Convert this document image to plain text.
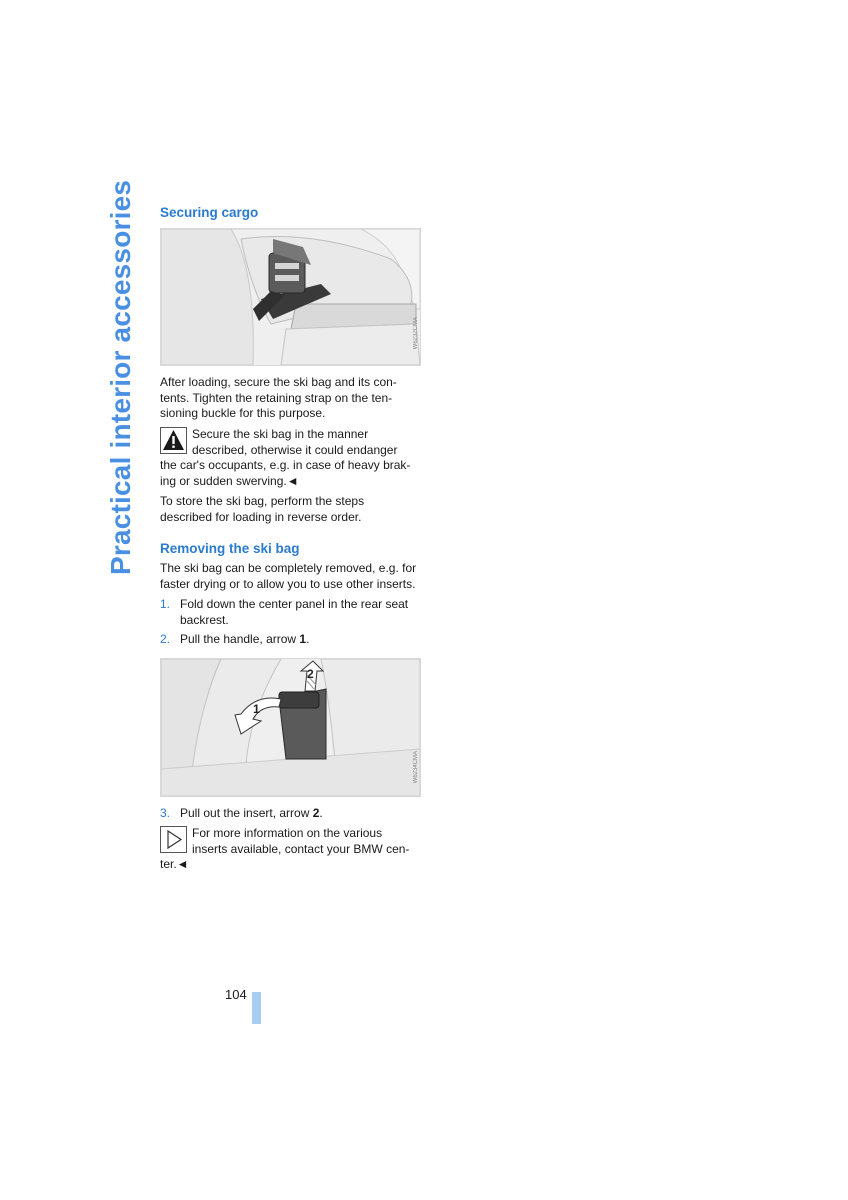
Practical interior accessories Securing cargo
W6232CMA

After loading, secure the ski bag and its con-

tents. Tighten the retaining strap on the ten-

sioning buckle for this purpose.

Secure the ski bag in the manner

described, otherwise it could endanger

the car's occupants, e.g. in case of heavy brak-

ing or sudden swerving.◄

To store the ski bag, perform the steps

described for loading in reverse order.

Removing the ski bag

The ski bag can be completely removed, e.g. for

faster drying or to allow you to use other inserts.

1. Fold down the center panel in the rear seat

backrest.

2. Pull the handle, arrow 1.
1
2
W6234CMA
3. Pull out the insert, arrow 2.

For more information on the various

inserts available, contact your BMW cen-

ter.◄

104
